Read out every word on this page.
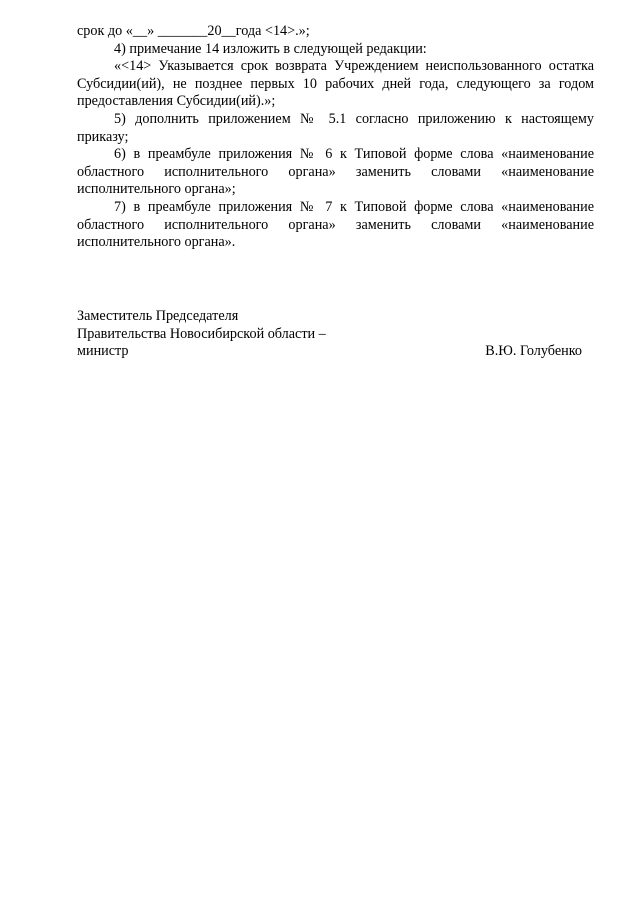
срок до «__» _______20__года <14>.»;

4) примечание 14 изложить в следующей редакции:

«<14> Указывается срок возврата Учреждением неиспользованного остатка Субсидии(ий), не позднее первых 10 рабочих дней года, следующего за годом предоставления Субсидии(ий).»;

5) дополнить приложением № 5.1 согласно приложению к настоящему приказу;

6) в преамбуле приложения № 6 к Типовой форме слова «наименование областного исполнительного органа» заменить словами «наименование исполнительного органа»;

7) в преамбуле приложения № 7 к Типовой форме слова «наименование областного исполнительного органа» заменить словами «наименование исполнительного органа».

Заместитель Председателя
Правительства Новосибирской области –
министр	В.Ю. Голубенко
